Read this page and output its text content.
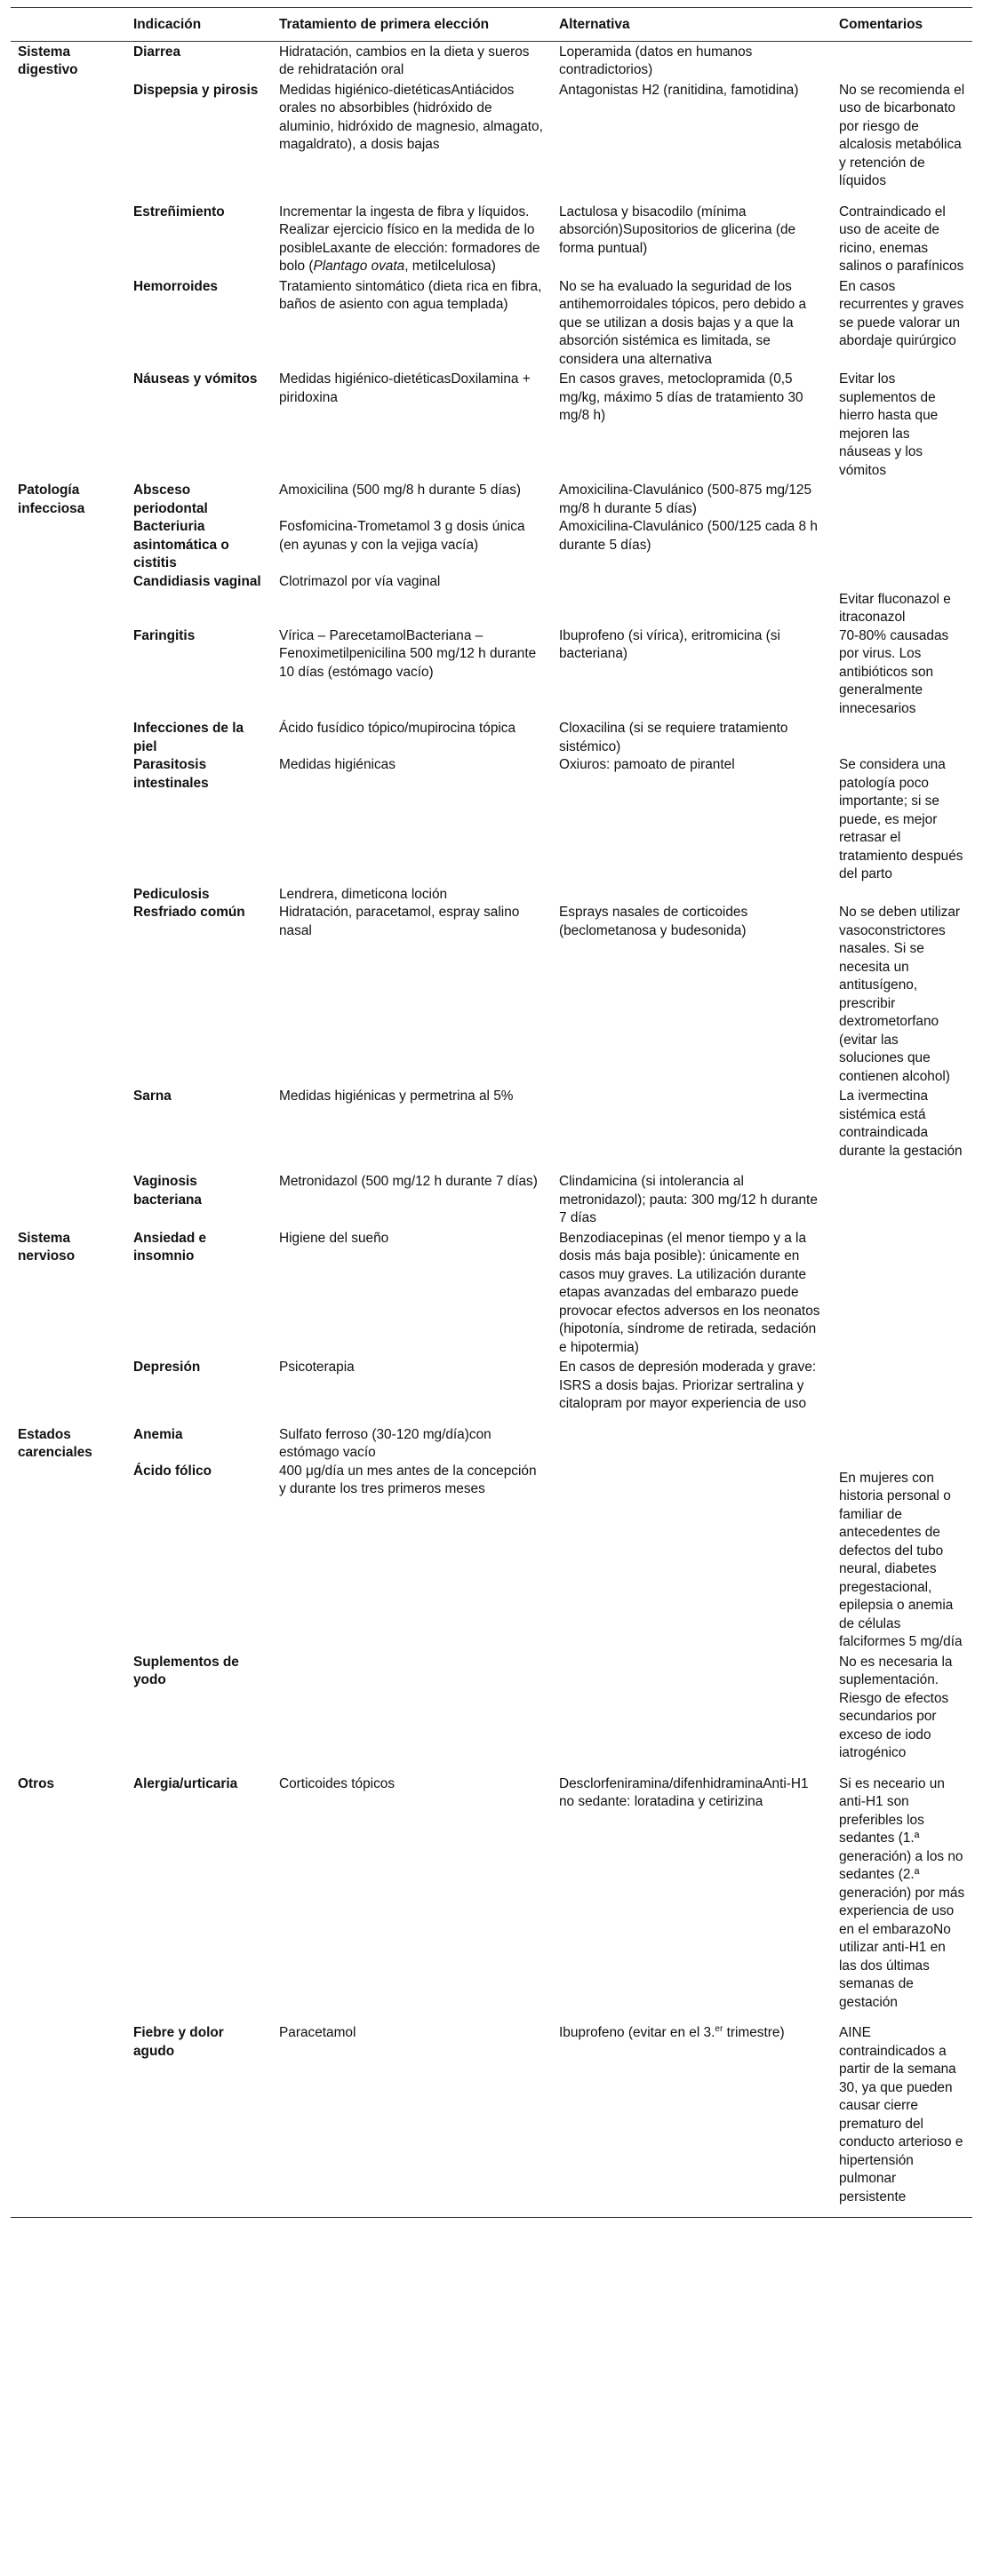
	Indicación	Tratamiento de primera elección	Alternativa	Comentarios
Sistema digestivo	Diarrea	Hidratación, cambios en la dieta y sueros de rehidratación oral	Loperamida (datos en humanos contradictorios)	
	Dispepsia y pirosis	Medidas higiénico-dietéticasAntiácidos orales no absorbibles (hidróxido de aluminio, hidróxido de magnesio, almagato, magaldrato), a dosis bajas	Antagonistas H2 (ranitidina, famotidina)	No se recomienda el uso de bicarbonato por riesgo de alcalosis metabólica y retención de líquidos
	Estreñimiento	Incrementar la ingesta de fibra y líquidos. Realizar ejercicio físico en la medida de lo posibleLaxante de elección: formadores de bolo (Plantago ovata, metilcelulosa)	Lactulosa y bisacodilo (mínima absorción)Supositorios de glicerina (de forma puntual)	Contraindicado el uso de aceite de ricino, enemas salinos o parafínicos
	Hemorroides	Tratamiento sintomático (dieta rica en fibra, baños de asiento con agua templada)	No se ha evaluado la seguridad de los antihemorroidales tópicos, pero debido a que se utilizan a dosis bajas y a que la absorción sistémica es limitada, se considera una alternativa	En casos recurrentes y graves se puede valorar un abordaje quirúrgico
	Náuseas y vómitos	Medidas higiénico-dietéticasDoxilamina + piridoxina	En casos graves, metoclopramida (0,5 mg/kg, máximo 5 días de tratamiento 30 mg/8 h)	Evitar los suplementos de hierro hasta que mejoren las náuseas y los vómitos
Patología infecciosa	Absceso periodontal	Amoxicilina (500 mg/8 h durante 5 días)	Amoxicilina-Clavulánico (500-875 mg/125 mg/8 h durante 5 días)	
	Bacteriuria asintomática o cistitis	Fosfomicina-Trometamol 3 g dosis única (en ayunas y con la vejiga vacía)	Amoxicilina-Clavulánico (500/125 cada 8 h durante 5 días)	
	Candidiasis vaginal	Clotrimazol por vía vaginal		Evitar fluconazol e itraconazol

	Faringitis	Vírica – ParecetamolBacteriana – Fenoximetilpenicilina 500 mg/12 h durante 10 días (estómago vacío)	Ibuprofeno (si vírica), eritromicina (si bacteriana)	70-80% causadas por virus. Los antibióticos son generalmente innecesarios
	Infecciones de la piel	Ácido fusídico tópico/mupirocina tópica	Cloxacilina (si se requiere tratamiento sistémico)	
	Parasitosis intestinales	Medidas higiénicas	Oxiuros: pamoato de pirantel	Se considera una patología poco importante; si se puede, es mejor retrasar el tratamiento después del parto
	Pediculosis	Lendrera, dimeticona loción		
	Resfriado común	Hidratación, paracetamol, espray salino nasal	Esprays nasales de corticoides (beclometanosa y budesonida)	No se deben utilizar vasoconstrictores nasales. Si se necesita un antitusígeno, prescribir dextrometorfano (evitar las soluciones que contienen alcohol)
	Sarna	Medidas higiénicas y permetrina al 5%		La ivermectina sistémica está contraindicada durante la gestación
	Vaginosis bacteriana	Metronidazol (500 mg/12 h durante 7 días)	Clindamicina (si intolerancia al metronidazol); pauta: 300 mg/12 h durante 7 días	
Sistema nervioso	Ansiedad e insomnio	Higiene del sueño	Benzodiacepinas (el menor tiempo y a la dosis más baja posible): únicamente en casos muy graves. La utilización durante etapas avanzadas del embarazo puede provocar efectos adversos en los neonatos (hipotonía, síndrome de retirada, sedación e hipotermia)	
	Depresión	Psicoterapia	En casos de depresión moderada y grave: ISRS a dosis bajas. Priorizar sertralina y citalopram por mayor experiencia de uso	
Estados carenciales	Anemia	Sulfato ferroso (30-120 mg/día)con estómago vacío		
	Ácido fólico	400 μg/día un mes antes de la concepción y durante los tres primeros meses		En mujeres con historia personal o familiar de antecedentes de defectos del tubo neural, diabetes pregestacional, epilepsia o anemia de células falciformes 5 mg/día

	Suplementos de yodo			No es necesaria la suplementación. Riesgo de efectos secundarios por exceso de iodo iatrogénico
Otros	Alergia/urticaria	Corticoides tópicos	Desclorfeniramina/difenhidraminaAnti-H1 no sedante: loratadina y cetirizina	Si es neceario un anti-H1 son preferibles los sedantes (1.ª generación) a los no sedantes (2.ª generación) por más experiencia de uso en el embarazoNo utilizar anti-H1 en las dos últimas semanas de gestación
	Fiebre y dolor agudo	Paracetamol	Ibuprofeno (evitar en el 3.$^{er}$ trimestre)	AINE contraindicados a partir de la semana 30, ya que pueden causar cierre prematuro del conducto arterioso e hipertensión pulmonar persistente
